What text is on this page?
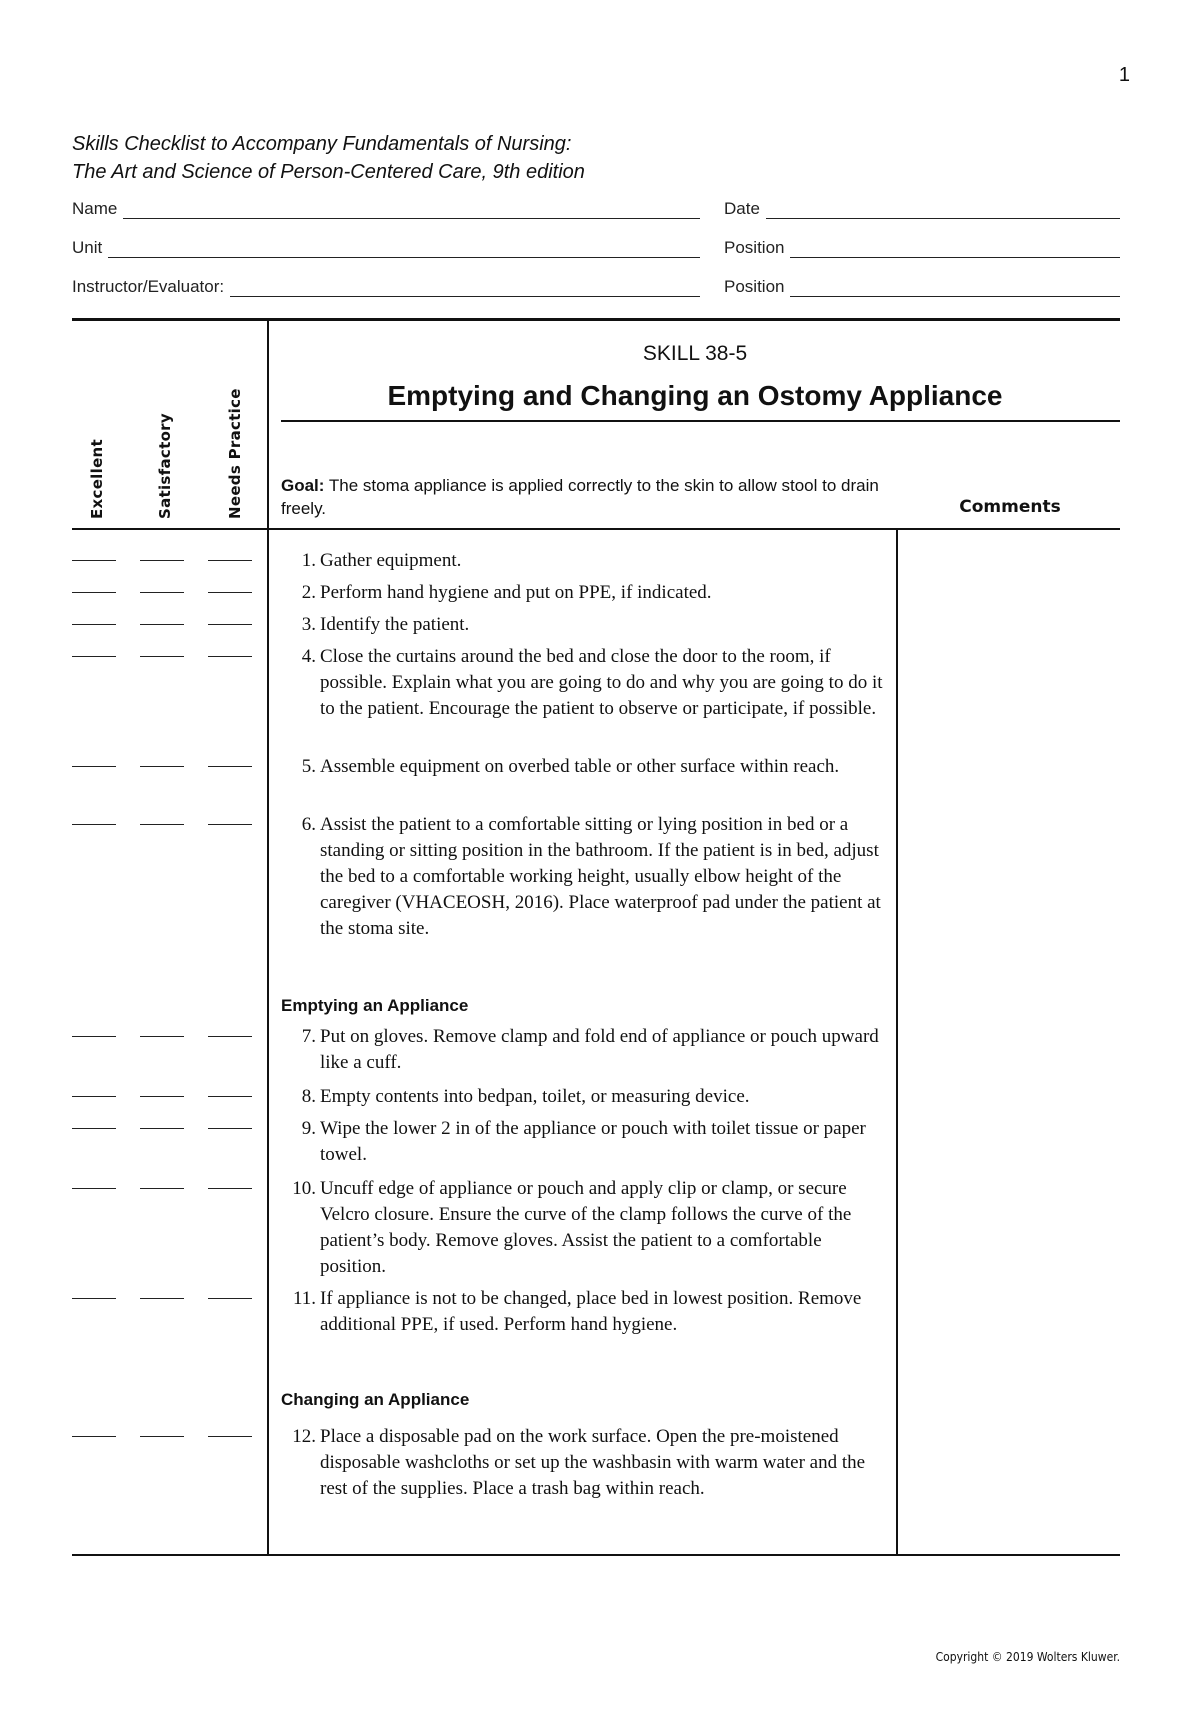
1
Skills Checklist to Accompany Fundamentals of Nursing:
The Art and Science of Person-Centered Care, 9th edition
Name	Date
Unit	Position
Instructor/Evaluator:	Position
Excellent	Satisfactory	Needs Practice
SKILL 38-5
Emptying and Changing an Ostomy Appliance
Goal: The stoma appliance is applied correctly to the skin to allow stool to drain freely.	Comments
1. Gather equipment.
2. Perform hand hygiene and put on PPE, if indicated.
3. Identify the patient.
4. Close the curtains around the bed and close the door to the room, if possible. Explain what you are going to do and why you are going to do it to the patient. Encourage the patient to observe or participate, if possible.
5. Assemble equipment on overbed table or other surface within reach.
6. Assist the patient to a comfortable sitting or lying position in bed or a standing or sitting position in the bathroom. If the patient is in bed, adjust the bed to a comfortable working height, usually elbow height of the caregiver (VHACEOSH, 2016). Place waterproof pad under the patient at the stoma site.
Emptying an Appliance
7. Put on gloves. Remove clamp and fold end of appliance or pouch upward like a cuff.
8. Empty contents into bedpan, toilet, or measuring device.
9. Wipe the lower 2 in of the appliance or pouch with toilet tissue or paper towel.
10. Uncuff edge of appliance or pouch and apply clip or clamp, or secure Velcro closure. Ensure the curve of the clamp follows the curve of the patient’s body. Remove gloves. Assist the patient to a comfortable position.
11. If appliance is not to be changed, place bed in lowest position. Remove additional PPE, if used. Perform hand hygiene.
Changing an Appliance
12. Place a disposable pad on the work surface. Open the pre-moistened disposable washcloths or set up the washbasin with warm water and the rest of the supplies. Place a trash bag within reach.
Copyright © 2019 Wolters Kluwer.
